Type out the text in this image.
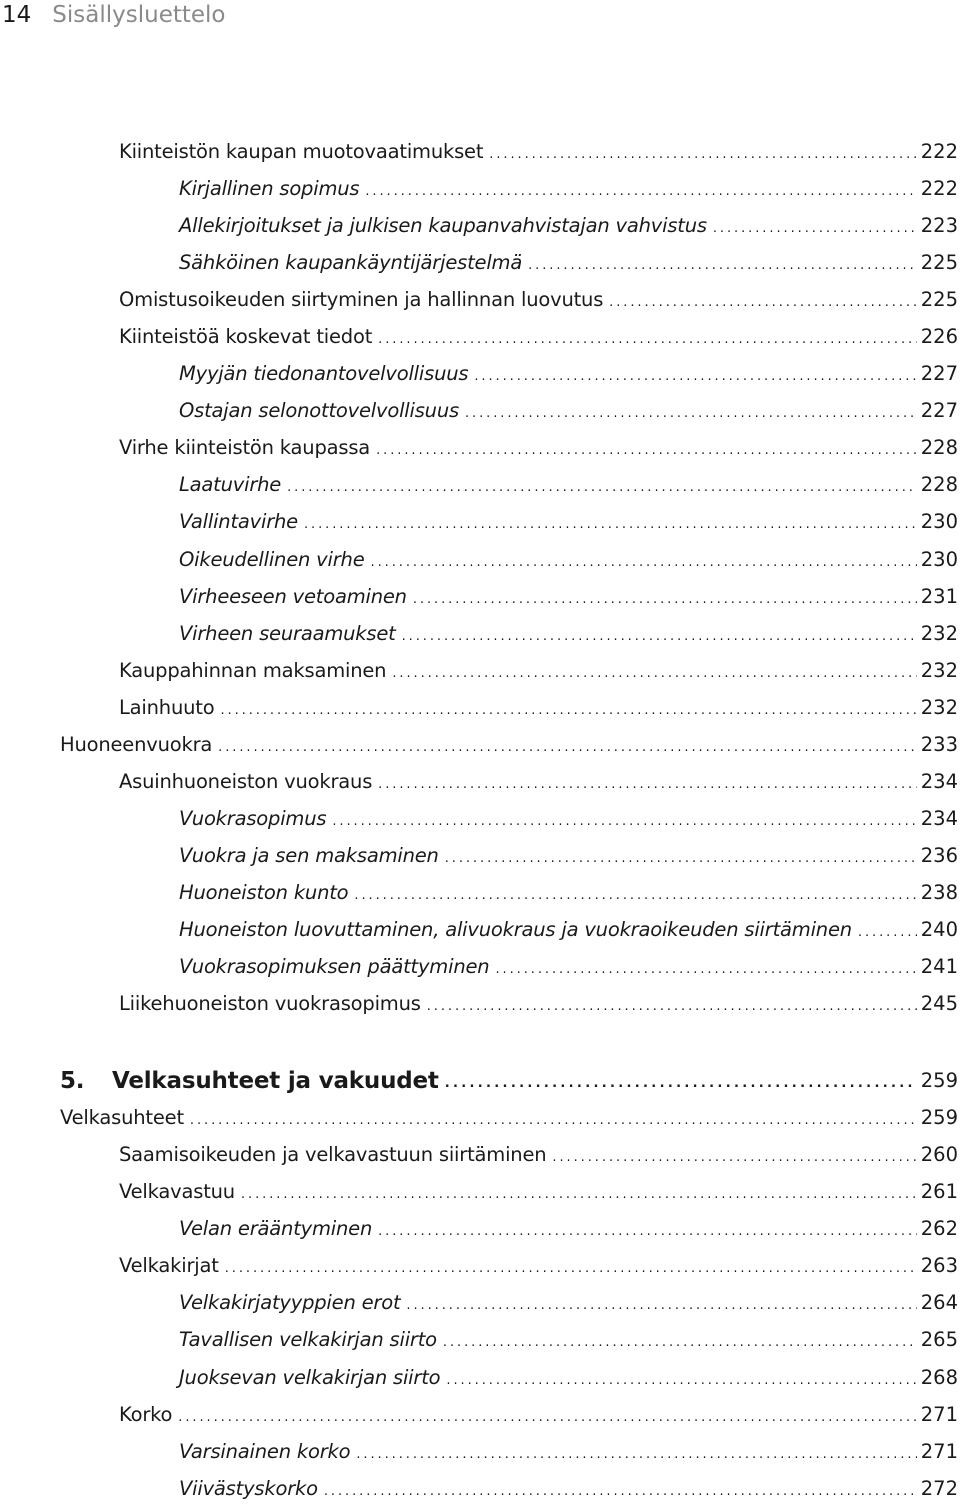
14 Sisällysluettelo
Kiinteistön kaupan muotovaatimukset . . .	222
Kirjallinen sopimus . . .	222
Allekirjoitukset ja julkisen kaupanvahvistajan vahvistus . . .	223
Sähköinen kaupankäyntijärjestelmä . . .	225
Omistusoikeuden siirtyminen ja hallinnan luovutus . . .	225
Kiinteistöä koskevat tiedot . . .	226
Myyjän tiedonantovelvollisuus . . .	227
Ostajan selonottovelvollisuus . . .	227
Virhe kiinteistön kaupassa . . .	228
Laatuvirhe . . .	228
Vallintavirhe . . .	230
Oikeudellinen virhe . . .	230
Virheeseen vetoaminen . . .	231
Virheen seuraamukset . . .	232
Kauppahinnan maksaminen . . .	232
Lainhuuto . . .	232
Huoneenvuokra . . .	233
Asuinhuoneiston vuokraus . . .	234
Vuokrasopimus . . .	234
Vuokra ja sen maksaminen . . .	236
Huoneiston kunto . . .	238
Huoneiston luovuttaminen, alivuokraus ja vuokraoikeuden siirtäminen . . .	240
Vuokrasopimuksen päättyminen . . .	241
Liikehuoneiston vuokrasopimus . . .	245
5. Velkasuhteet ja vakuudet . . .	259
Velkasuhteet . . .	259
Saamisoikeuden ja velkavastuun siirtäminen . . .	260
Velkavastuu . . .	261
Velan erääntyminen . . .	262
Velkakirjat . . .	263
Velkakirjatyyppien erot . . .	264
Tavallisen velkakirjan siirto . . .	265
Juoksevan velkakirjan siirto . . .	268
Korko . . .	271
Varsinainen korko . . .	271
Viivästyskorko . . .	272
